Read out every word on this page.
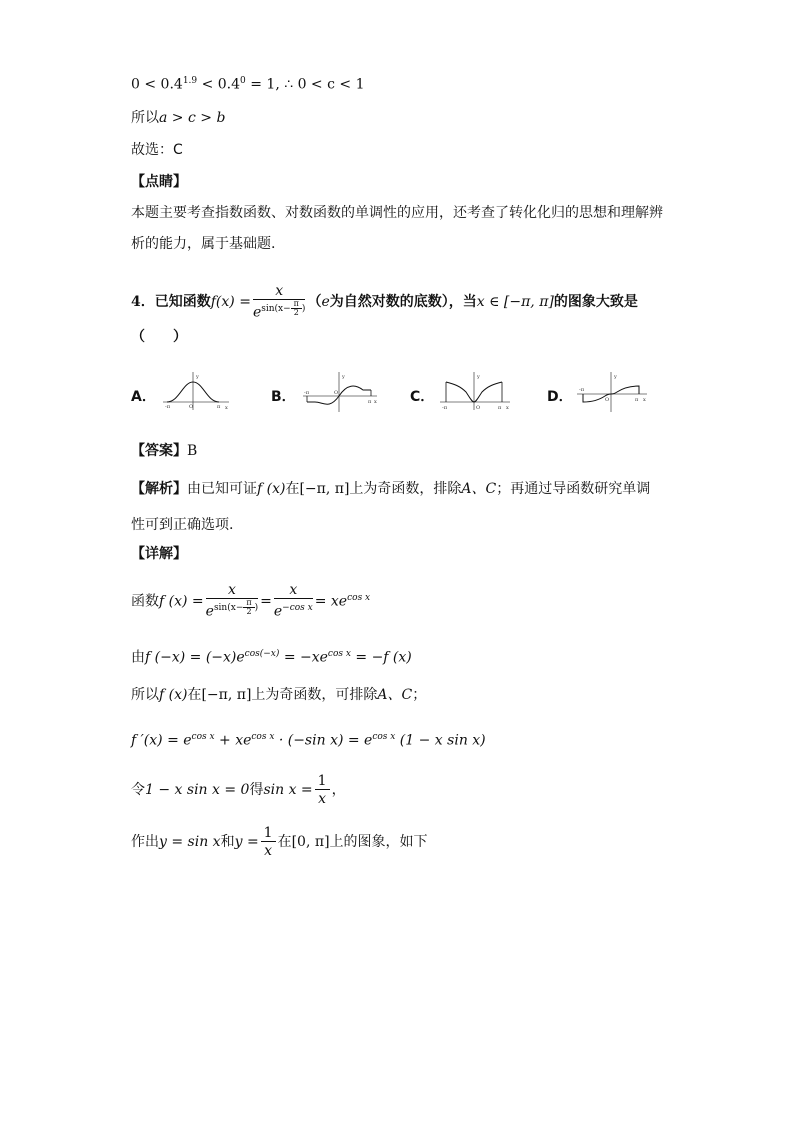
$0 < 0.4^{1.9} < 0.4^0 = 1$, ∴ 0 < c < 1
所以a > c > b
故选：C
【点睛】
本题主要考查指数函数、对数函数的单调性的应用，还考查了转化化归的思想和理解辨
析的能力，属于基础题.
4．已知函数f(x) = x
$e^{sin(x- \frac{\pi}{2} )}$ （e为自然对数的底数），当x ∈ [−π, π]的图象大致是
（　　）
A．
y
x
O
-π	π
B．
y
x
O
-π
π	C．
y
x
O
-π	π
D．
y
x
O
-π
π
【答案】B
【解析】由已知可证f (x)在[−π, π]上为奇函数，排除A、C；再通过导函数研究单调
性可到正确选项.
【详解】
函数f (x) = x
$e^{sin(x- \frac{\pi}{2} )} = \frac{x}{e^{-cos x}} = xe^{cos x}$
由f $(-x) = (-x)e^{cos(-x)} = -xe^{cos x} = -f$ (x)
所以f (x)在[−π, π]上为奇函数，可排除A、C；
f $'(x) = e^{cos x} + xe^{cos x} \cdot (-\sin$ $x) = e^{cos x}$ (1 − x sin x)
令1 − x sin x = 0得$\sin x = \frac{1}{x}$ ，
作出y = sin x和$y = \frac{1}{x}$ 在[0, π]上的图象，如下
